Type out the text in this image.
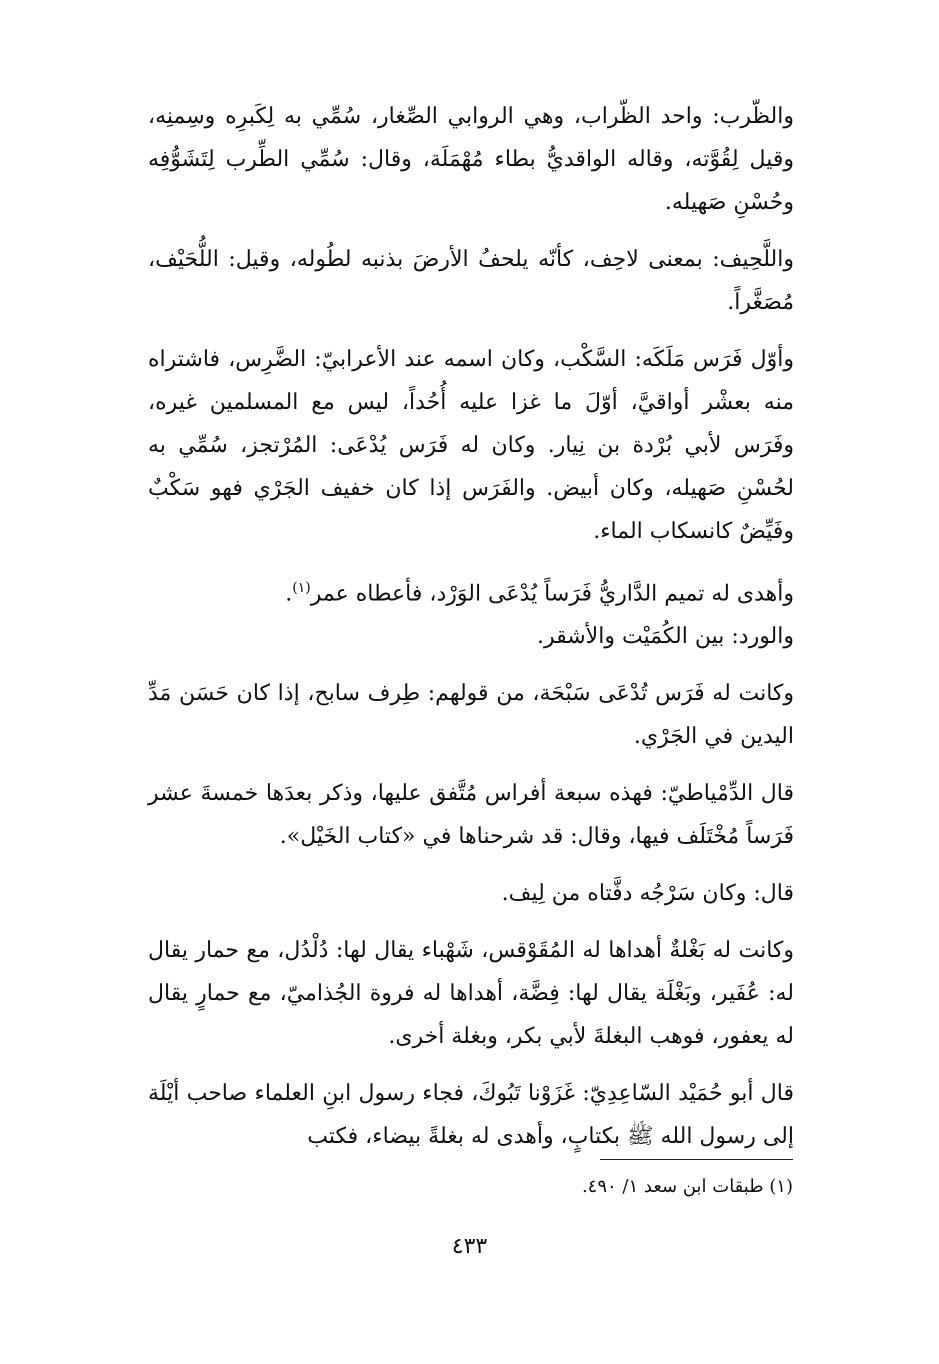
والظّرب: واحد الظّراب، وهي الروابي الصِّغار، سُمِّي به لِكَبرِه وسِمنِه، وقيل لِقُوَّته، وقاله الواقديُّ بطاء مُهْمَلَة، وقال: سُمِّي الطِّرب لِتَشَوُّفِه وحُسْنِ صَهيله.

واللَّحِيف: بمعنى لاحِف، كأنّه يلحفُ الأرضَ بذنبه لطُوله، وقيل: اللُّحَيْف، مُصَغَّراً.

وأوّل فَرَس مَلَكَه: السَّكْب، وكان اسمه عند الأعرابيّ: الضَّرِس، فاشتراه منه بعشْر أواقيَّ، أوّلَ ما غزا عليه أُحُداً، ليس مع المسلمين غيره، وفَرَس لأبي بُرْدة بن نِيار. وكان له فَرَس يُدْعَى: المُرْتجز، سُمِّي به لحُسْنِ صَهيله، وكان أبيض. والفَرَس إذا كان خفيف الجَرْي فهو سَكْبٌ وفَيِّضٌ كانسكاب الماء.

وأهدى له تميم الدَّاريُّ فَرَساً يُدْعَى الوَرْد، فأعطاه عمر$^{(١)}$.

والورد: بين الكُمَيْت والأشقر.

وكانت له فَرَس تُدْعَى سَبْحَة، من قولهم: طِرف سابح، إذا كان حَسَن مَدِّ اليدين في الجَرْي.

قال الدِّمْياطيّ: فهذه سبعة أفراس مُتَّفق عليها، وذكر بعدَها خمسةَ عشر فَرَساً مُخْتَلَف فيها، وقال: قد شرحناها في «كتاب الخَيْل».

قال: وكان سَرْجُه دفَّتاه من لِيف.

وكانت له بَغْلةٌ أهداها له المُقَوْقس، شَهْباء يقال لها: دُلْدُل، مع حمار يقال له: عُفَير، وبَغْلَة يقال لها: فِضَّة، أهداها له فروة الجُذاميّ، مع حمارٍ يقال له يعفور، فوهب البغلةَ لأبي بكر، وبغلة أخرى.

قال أبو حُمَيْد السّاعِدِيّ: غَزَوْنا تَبُوكَ، فجاء رسول ابنِ العلماء صاحب أيْلَة إلى رسول الله ﷺ بكتابٍ، وأهدى له بغلةً بيضاء، فكتب

(١) طبقات ابن سعد ١/ ٤٩٠.
٤٣٣
